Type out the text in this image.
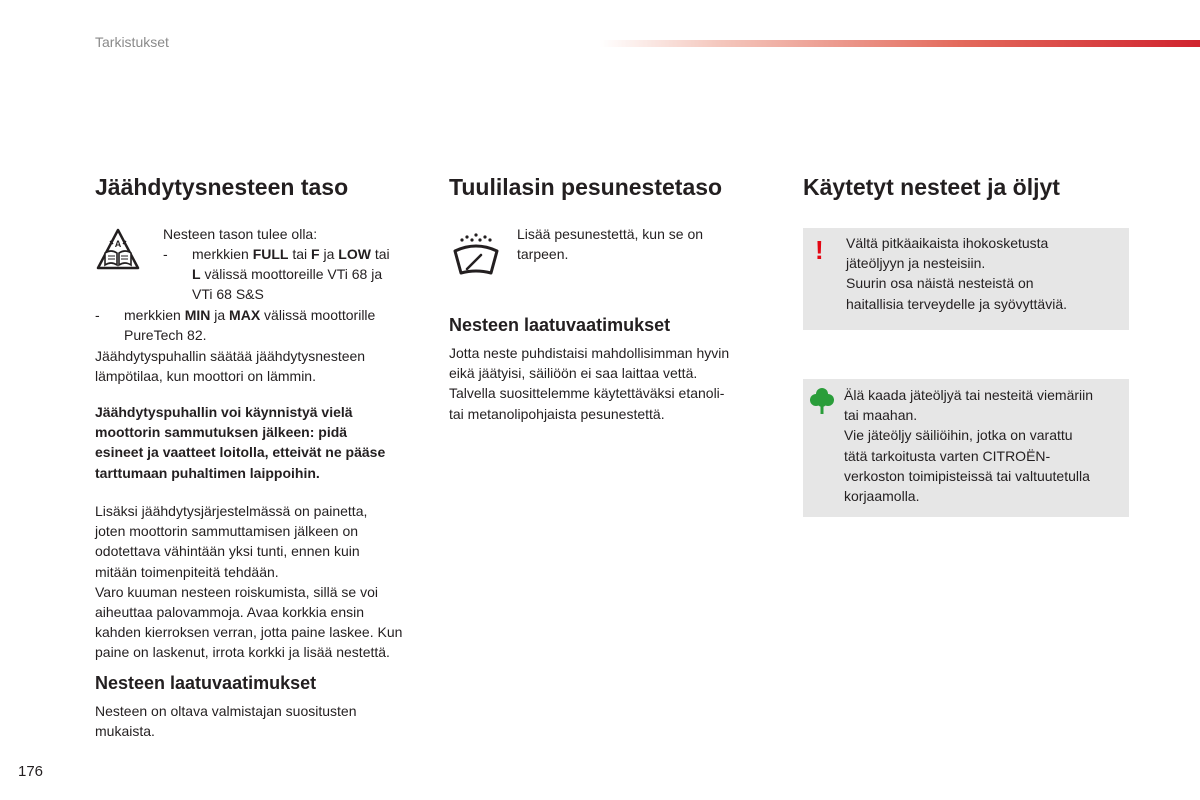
Tarkistukset
Jäähdytysnesteen taso
A
Nesteen tason tulee olla:
- merkkien FULL tai F ja LOW tai
L välissä moottoreille VTi 68 ja
VTi 68 S&S
- merkkien MIN ja MAX välissä moottorille
PureTech 82.
Jäähdytyspuhallin säätää jäähdytysnesteen
lämpötilaa, kun moottori on lämmin.
Jäähdytyspuhallin voi käynnistyä vielä
moottorin sammutuksen jälkeen: pidä
esineet ja vaatteet loitolla, etteivät ne pääse
tarttumaan puhaltimen laippoihin.
Lisäksi jäähdytysjärjestelmässä on painetta,
joten moottorin sammuttamisen jälkeen on
odotettava vähintään yksi tunti, ennen kuin
mitään toimenpiteitä tehdään.
Varo kuuman nesteen roiskumista, sillä se voi
aiheuttaa palovammoja. Avaa korkkia ensin
kahden kierroksen verran, jotta paine laskee. Kun
paine on laskenut, irrota korkki ja lisää nestettä.
Nesteen laatuvaatimukset
Nesteen on oltava valmistajan suositusten
mukaista.
Tuulilasin pesunestetaso
Lisää pesunestettä, kun se on
tarpeen.
Nesteen laatuvaatimukset
Jotta neste puhdistaisi mahdollisimman hyvin
eikä jäätyisi, säiliöön ei saa laittaa vettä.
Talvella suosittelemme käytettäväksi etanoli-
tai metanolipohjaista pesunestettä.
Käytetyt nesteet ja öljyt
! Vältä pitkäaikaista ihokosketusta
jäteöljyyn ja nesteisiin.
Suurin osa näistä nesteistä on
haitallisia terveydelle ja syövyttäviä.
Älä kaada jäteöljyä tai nesteitä viemäriin
tai maahan.
Vie jäteöljy säiliöihin, jotka on varattu
tätä tarkoitusta varten CITROËN-
verkoston toimipisteissä tai valtuutetulla
korjaamolla.
176
